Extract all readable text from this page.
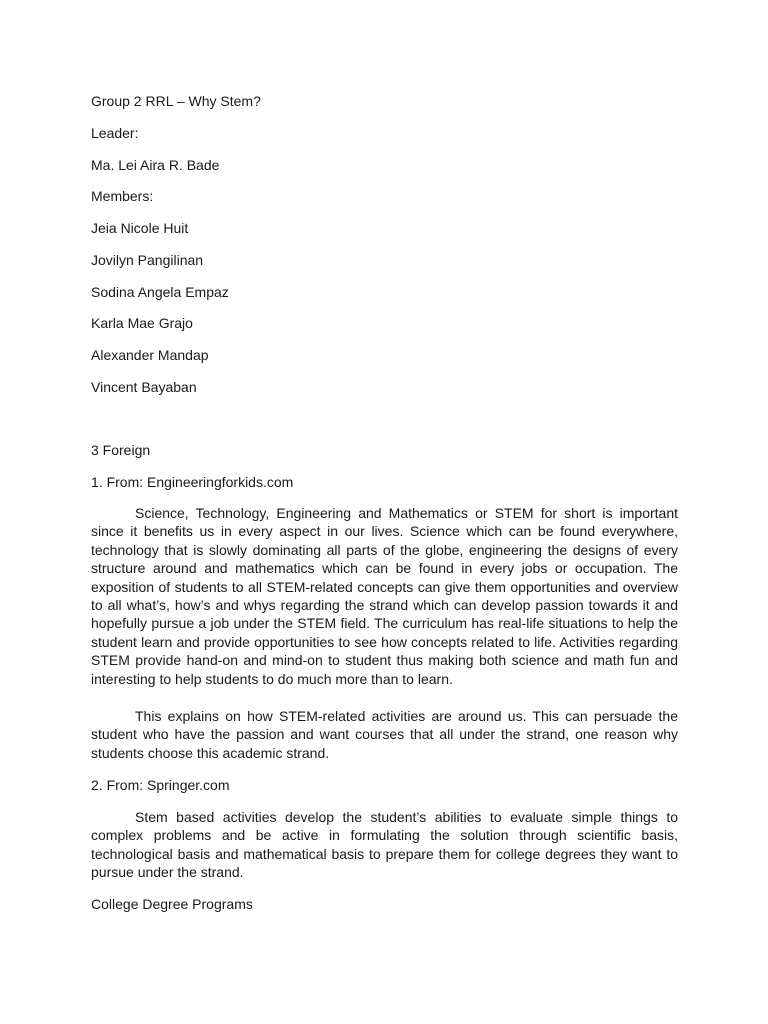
Group 2 RRL – Why Stem?
Leader:
Ma. Lei Aira R. Bade
Members:
Jeia Nicole Huit
Jovilyn Pangilinan
Sodina Angela Empaz
Karla Mae Grajo
Alexander Mandap
Vincent Bayaban
3 Foreign
1. From: Engineeringforkids.com

Science, Technology, Engineering and Mathematics or STEM for short is important since it benefits us in every aspect in our lives. Science which can be found everywhere, technology that is slowly dominating all parts of the globe, engineering the designs of every structure around and mathematics which can be found in every jobs or occupation. The exposition of students to all STEM-related concepts can give them opportunities and overview to all what’s, how’s and whys regarding the strand which can develop passion towards it and hopefully pursue a job under the STEM field. The curriculum has real-life situations to help the student learn and provide opportunities to see how concepts related to life. Activities regarding STEM provide hand-on and mind-on to student thus making both science and math fun and interesting to help students to do much more than to learn.

This explains on how STEM-related activities are around us. This can persuade the student who have the passion and want courses that all under the strand, one reason why students choose this academic strand.

2. From: Springer.com

Stem based activities develop the student’s abilities to evaluate simple things to complex problems and be active in formulating the solution through scientific basis, technological basis and mathematical basis to prepare them for college degrees they want to pursue under the strand.

College Degree Programs
